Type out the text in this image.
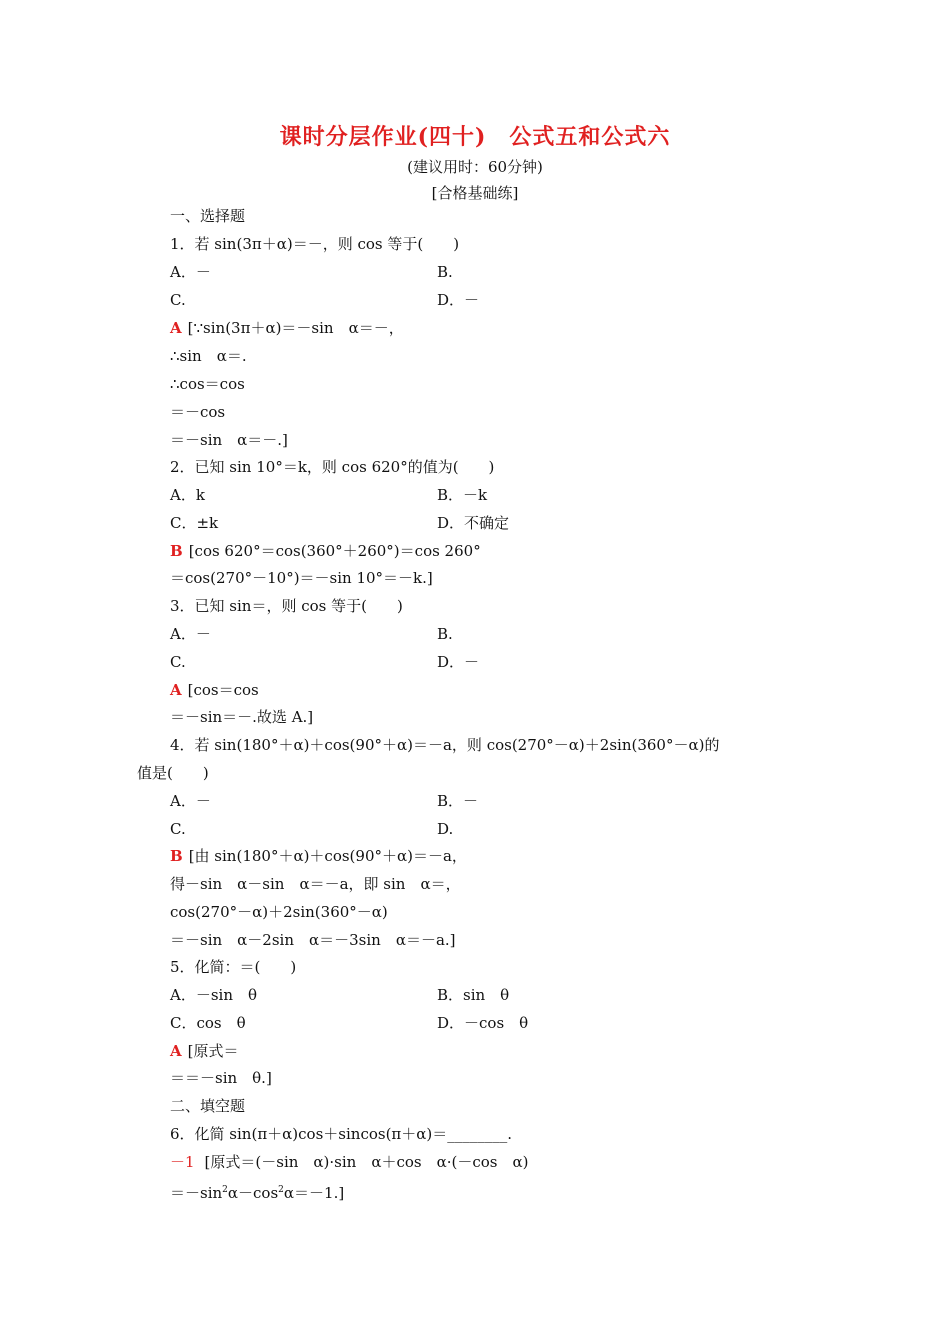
课时分层作业(四十)　公式五和公式六
(建议用时：60分钟)
[合格基础练]
一、选择题
1．若 sin(3π＋α)＝－，则 cos 等于(　　)
A．－	B.
C.	D．－
A [∵sin(3π＋α)＝－sin　α＝－，
∴sin　α＝.
∴cos＝cos
＝－cos
＝－sin　α＝－.]
2．已知 sin 10°＝k，则 cos 620°的值为(　　)
A．k	B．－k
C．±k	D．不确定
B [cos 620°＝cos(360°＋260°)＝cos 260°
＝cos(270°－10°)＝－sin 10°＝－k.]
3．已知 sin＝，则 cos 等于(　　)
A．－	B.
C.	D．－
A [cos＝cos
＝－sin＝－.故选 A.]
4．若 sin(180°＋α)＋cos(90°＋α)＝－a，则 cos(270°－α)＋2sin(360°－α)的
值是(　　)
A．－	B．－
C.	D.
B [由 sin(180°＋α)＋cos(90°＋α)＝－a，
得－sin　α－sin　α＝－a，即 sin　α＝，
cos(270°－α)＋2sin(360°－α)
＝－sin　α－2sin　α＝－3sin　α＝－a.]
5．化简：＝(　　)
A．－sin　θ	B．sin　θ
C．cos　θ	D．－cos　θ
A [原式＝
＝＝－sin　θ.]
二、填空题
6．化简 sin(π＋α)cos＋sincos(π＋α)＝________.
－1 [原式＝(－sin　α)·sin　α＋cos　α·(－cos　α)
$=-\sin^2\alpha-\cos^2\alpha=-1$.]
